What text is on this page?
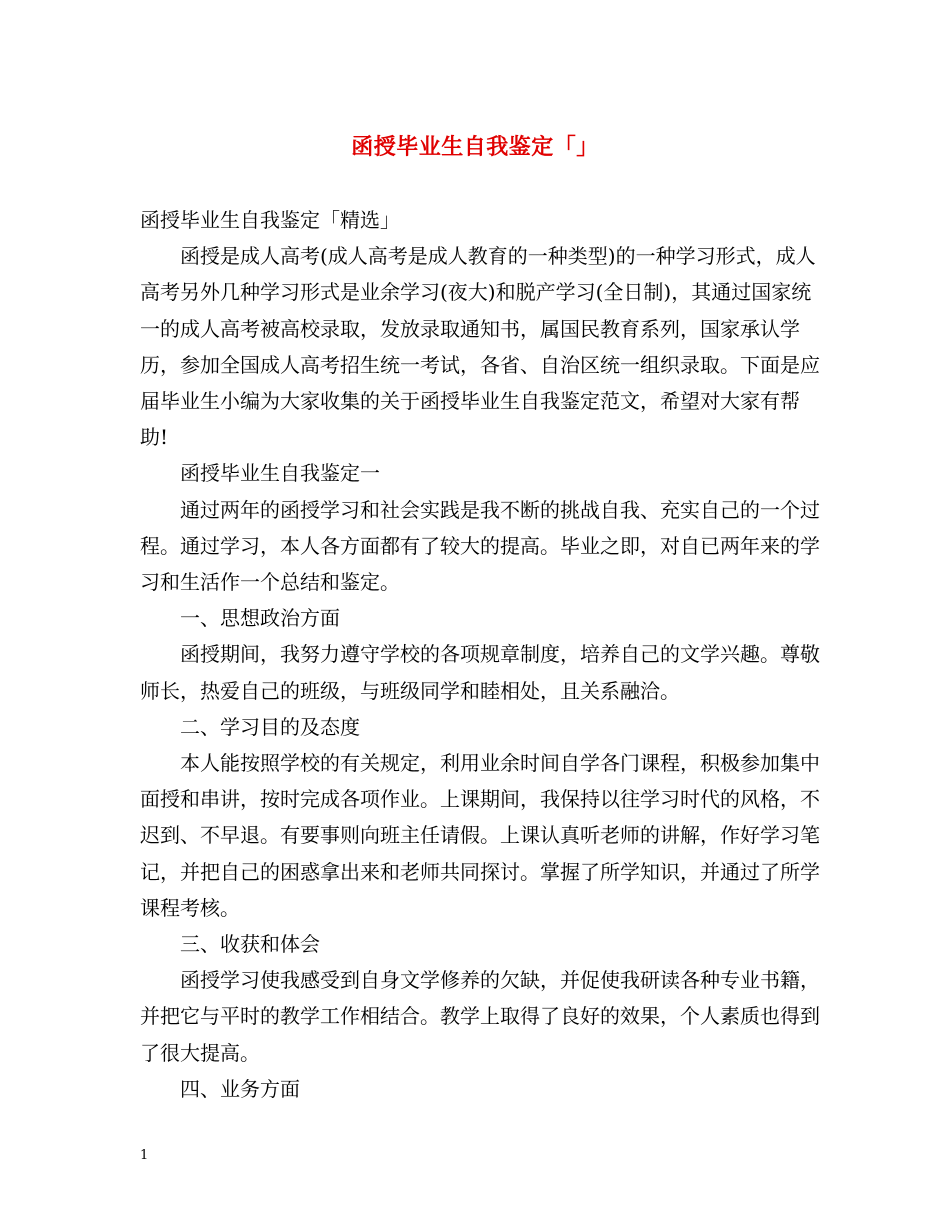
函授毕业生自我鉴定「」

函授毕业生自我鉴定「精选」

函授是成人高考(成人高考是成人教育的一种类型)的一种学习形式，成人高考另外几种学习形式是业余学习(夜大)和脱产学习(全日制)，其通过国家统一的成人高考被高校录取，发放录取通知书，属国民教育系列，国家承认学历，参加全国成人高考招生统一考试，各省、自治区统一组织录取。下面是应届毕业生小编为大家收集的关于函授毕业生自我鉴定范文，希望对大家有帮助!

函授毕业生自我鉴定一

通过两年的函授学习和社会实践是我不断的挑战自我、充实自己的一个过程。通过学习，本人各方面都有了较大的提高。毕业之即，对自已两年来的学习和生活作一个总结和鉴定。

一、思想政治方面

函授期间，我努力遵守学校的各项规章制度，培养自己的文学兴趣。尊敬师长，热爱自己的班级，与班级同学和睦相处，且关系融洽。

二、学习目的及态度

本人能按照学校的有关规定，利用业余时间自学各门课程，积极参加集中面授和串讲，按时完成各项作业。上课期间，我保持以往学习时代的风格，不迟到、不早退。有要事则向班主任请假。上课认真听老师的讲解，作好学习笔记，并把自己的困惑拿出来和老师共同探讨。掌握了所学知识，并通过了所学课程考核。

三、收获和体会

函授学习使我感受到自身文学修养的欠缺，并促使我研读各种专业书籍，并把它与平时的教学工作相结合。教学上取得了良好的效果，个人素质也得到了很大提高。

四、业务方面

1
